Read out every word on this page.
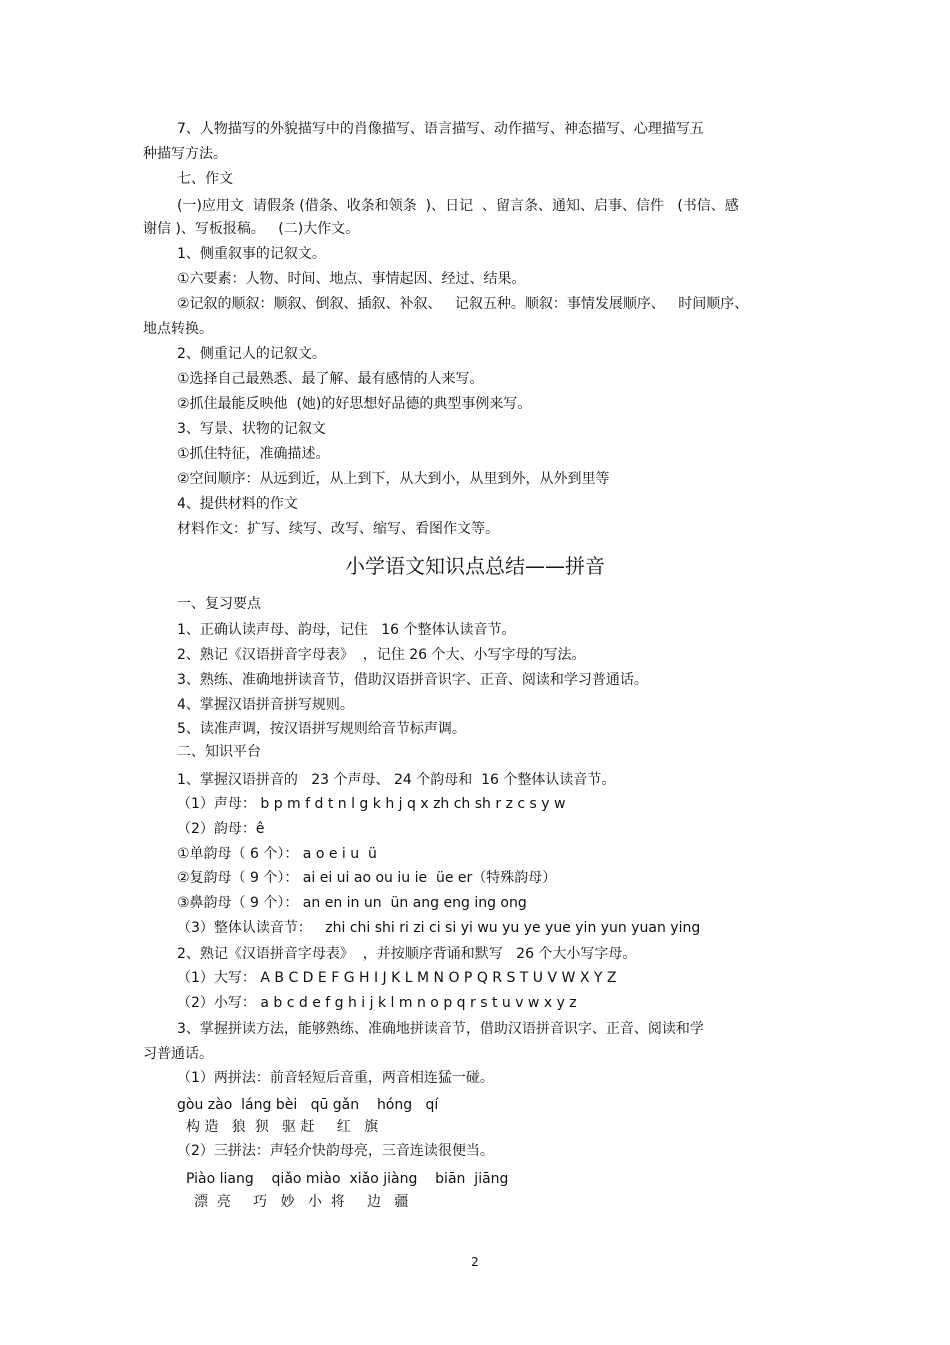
7、人物描写的外貌描写中的肖像描写、语言描写、动作描写、神态描写、心理描写五
种描写方法。
七、作文
(一)应用文  请假条 (借条、收条和领条  )、日记  、留言条、通知、启事、信件   (书信、感
谢信 )、写板报稿。   (二)大作文。
1、侧重叙事的记叙文。
①六要素：人物、时间、地点、事情起因、经过、结果。
②记叙的顺叙：顺叙、倒叙、插叙、补叙、   记叙五种。顺叙：事情发展顺序、   时间顺序、
地点转换。
2、侧重记人的记叙文。
①选择自己最熟悉、最了解、最有感情的人来写。
②抓住最能反映他  (她)的好思想好品德的典型事例来写。
3、写景、状物的记叙文
①抓住特征，准确描述。
②空间顺序：从远到近，从上到下，从大到小，从里到外，从外到里等
4、提供材料的作文
材料作文：扩写、续写、改写、缩写、看图作文等。
小学语文知识点总结——拼音
一、复习要点
1、正确认读声母、韵母，记住   16 个整体认读音节。
2、熟记《汉语拼音字母表》  ，记住 26 个大、小写字母的写法。
3、熟练、准确地拼读音节，借助汉语拼音识字、正音、阅读和学习普通话。
4、掌握汉语拼音拼写规则。
5、读准声调，按汉语拼写规则给音节标声调。
二、知识平台
1、掌握汉语拼音的   23 个声母、 24 个韵母和  16 个整体认读音节。
（1）声母： b p m f d t n l g k h j q x zh ch sh r z c s y w
（2）韵母：ê
①单韵母（ 6 个）： a o e i u  ü
②复韵母（ 9 个）： ai ei ui ao ou iu ie  üe er（特殊韵母）
③鼻韵母（ 9 个）： an en in un  ün ang eng ing ong
（3）整体认读音节：   zhi chi shi ri zi ci si yi wu yu ye yue yin yun yuan ying
2、熟记《汉语拼音字母表》  ，并按顺序背诵和默写   26 个大小写字母。
（1）大写： A B C D E F G H I J K L M N O P Q R S T U V W X Y Z
（2）小写： a b c d e f g h i j k l m n o p q r s t u v w x y z
3、掌握拼读方法，能够熟练、准确地拼读音节，借助汉语拼音识字、正音、阅读和学
习普通话。
（1）两拼法：前音轻短后音重，两音相连猛一碰。
gòu zào  láng bèi   qū gǎn    hóng   qí
构 造   狼  狈   驱 赶     红   旗
（2）三拼法：声轻介快韵母亮，三音连读很便当。
Piào liang    qiǎo miào  xiǎo jiàng    biān  jiāng
漂  亮     巧   妙   小  将     边   疆
2
